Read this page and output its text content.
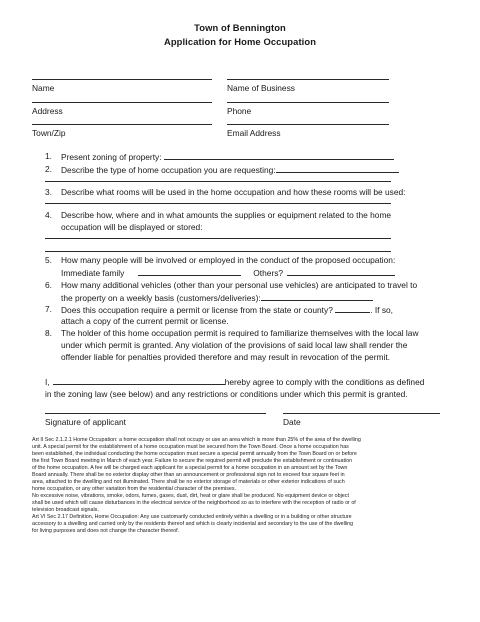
Town of Bennington
Application for Home Occupation
Name	Name of Business
Address	Phone
Town/Zip	Email Address
1. Present zoning of property:
2. Describe the type of home occupation you are requesting:
3. Describe what rooms will be used in the home occupation and how these rooms will be used:
4. Describe how, where and in what amounts the supplies or equipment related to the home
occupation will be displayed or stored:
5. How many people will be involved or employed in the conduct of the proposed occupation:
Immediate family	Others?
6. How many additional vehicles (other than your personal use vehicles) are anticipated to travel to
the property on a weekly basis (customers/deliveries):
7. Does this occupation require a permit or license from the state or county?	. If so,
attach a copy of the current permit or license.
8. The holder of this home occupation permit is required to familiarize themselves with the local law
under which permit is granted. Any violation of the provisions of said local law shall render the
offender liable for penalties provided therefore and may result in revocation of the permit.
I,	hereby agree to comply with the conditions as defined
in the zoning law (see below) and any restrictions or conditions under which this permit is granted.
Signature of applicant	Date
Art II Sec 2.1.2.1 Home Occupation: a home occupation shall not occupy or use an area which is more than 25% of the area of the dwelling
unit. A special permit for the establishment of a home occupation must be secured from the Town Board. Once a home occupation has
been established, the individual conducting the home occupation must secure a special permit annually from the Town Board on or before
the first Town Board meeting in March of each year. Failure to secure the required permit will preclude the establishment or continuation
of the home occupation. A fee will be charged each applicant for a special permit for a home occupation in an amount set by the Town
Board annually. There shall be no exterior display other than an announcement or professional sign not to exceed four square feet in
area, attached to the dwelling and not illuminated. There shall be no exterior storage of materials or other exterior indications of such
home occupation, or any other variation from the residential character of the premises.
No excessive noise, vibrations, smoke, odors, fumes, gases, dust, dirt, heat or glare shall be produced. No equipment device or object
shall be used which will cause disturbances in the electrical service of the neighborhood so as to interfere with the reception of radio or of
television broadcast signals.
Art VI Sec 2.17 Definition, Home Occupation: Any use customarily conducted entirely within a dwelling or in a building or other structure
accessory to a dwelling and carried only by the residents thereof and which is clearly incidental and secondary to the use of the dwelling
for living purposes and does not change the character thereof.
